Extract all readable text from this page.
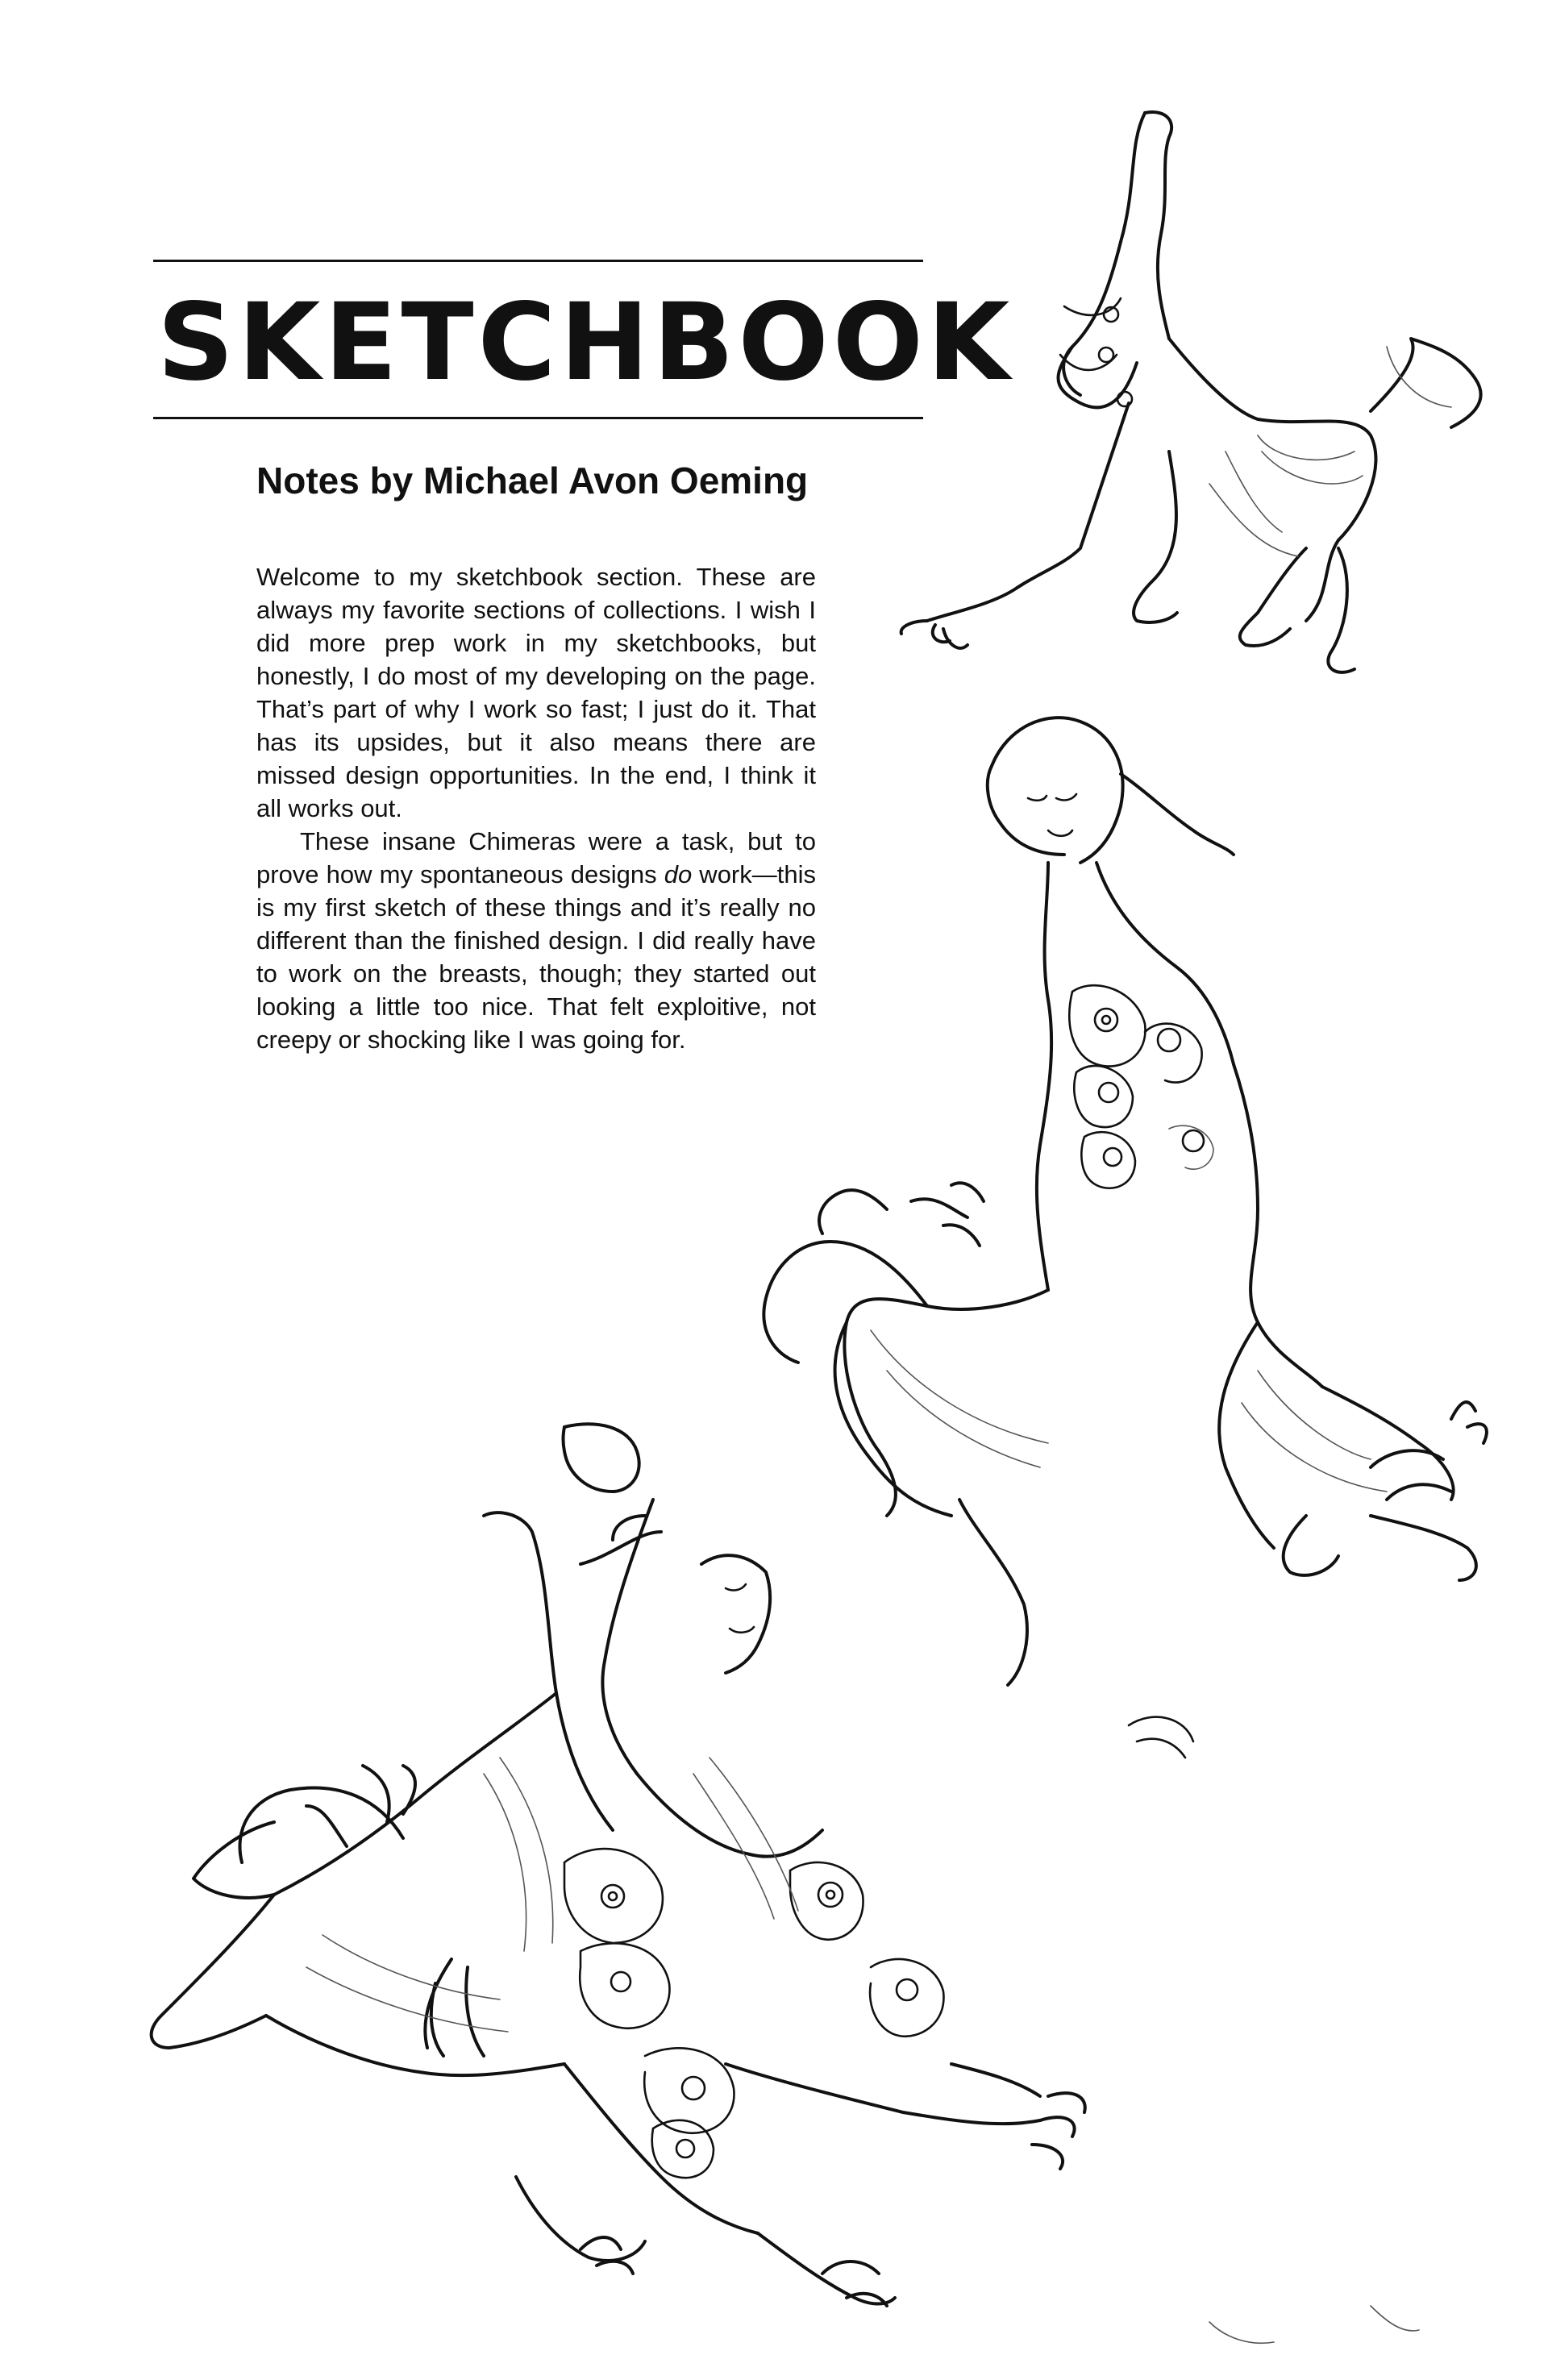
SKETCHBOOK
Notes by Michael Avon Oeming

Welcome to my sketchbook section. These are always my favorite sections of collections. I wish I did more prep work in my sketchbooks, but honestly, I do most of my developing on the page. That’s part of why I work so fast; I just do it. That has its upsides, but it also means there are missed design opportunities. In the end, I think it all works out.

These insane Chimeras were a task, but to prove how my spontaneous designs do work—this is my first sketch of these things and it’s really no different than the finished design. I did really have to work on the breasts, though; they started out looking a little too nice. That felt exploitive, not creepy or shocking like I was going for.
